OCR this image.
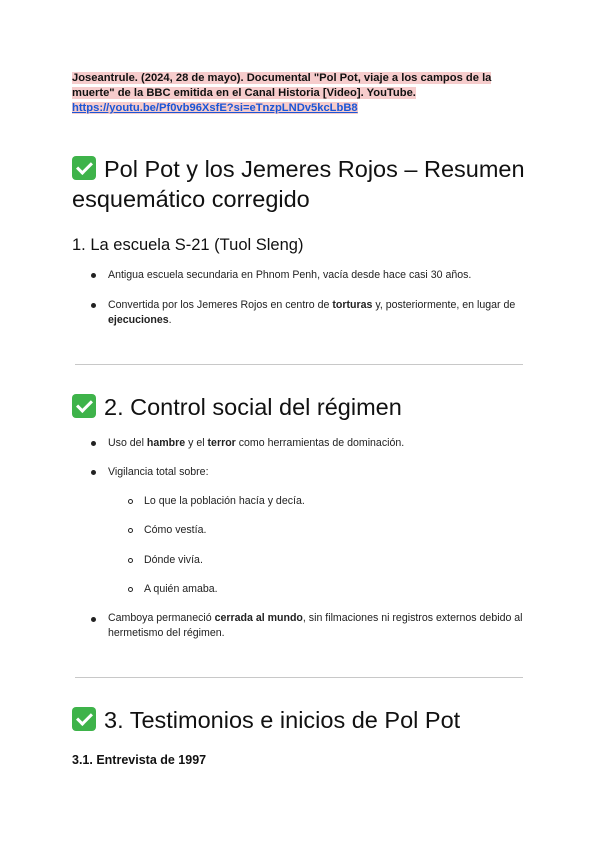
Joseantrule. (2024, 28 de mayo). Documental "Pol Pot, viaje a los campos de la muerte" de la BBC emitida en el Canal Historia [Video]. YouTube.
https://youtu.be/Pf0vb96XsfE?si=eTnzpLNDv5kcLbB8
Pol Pot y los Jemeres Rojos – Resumen esquemático corregido
1. La escuela S-21 (Tuol Sleng)
Antigua escuela secundaria en Phnom Penh, vacía desde hace casi 30 años.
Convertida por los Jemeres Rojos en centro de torturas y, posteriormente, en lugar de ejecuciones.
2. Control social del régimen
Uso del hambre y el terror como herramientas de dominación.
Vigilancia total sobre:
Lo que la población hacía y decía.
Cómo vestía.
Dónde vivía.
A quién amaba.
Camboya permaneció cerrada al mundo, sin filmaciones ni registros externos debido al hermetismo del régimen.
3. Testimonios e inicios de Pol Pot
3.1. Entrevista de 1997
